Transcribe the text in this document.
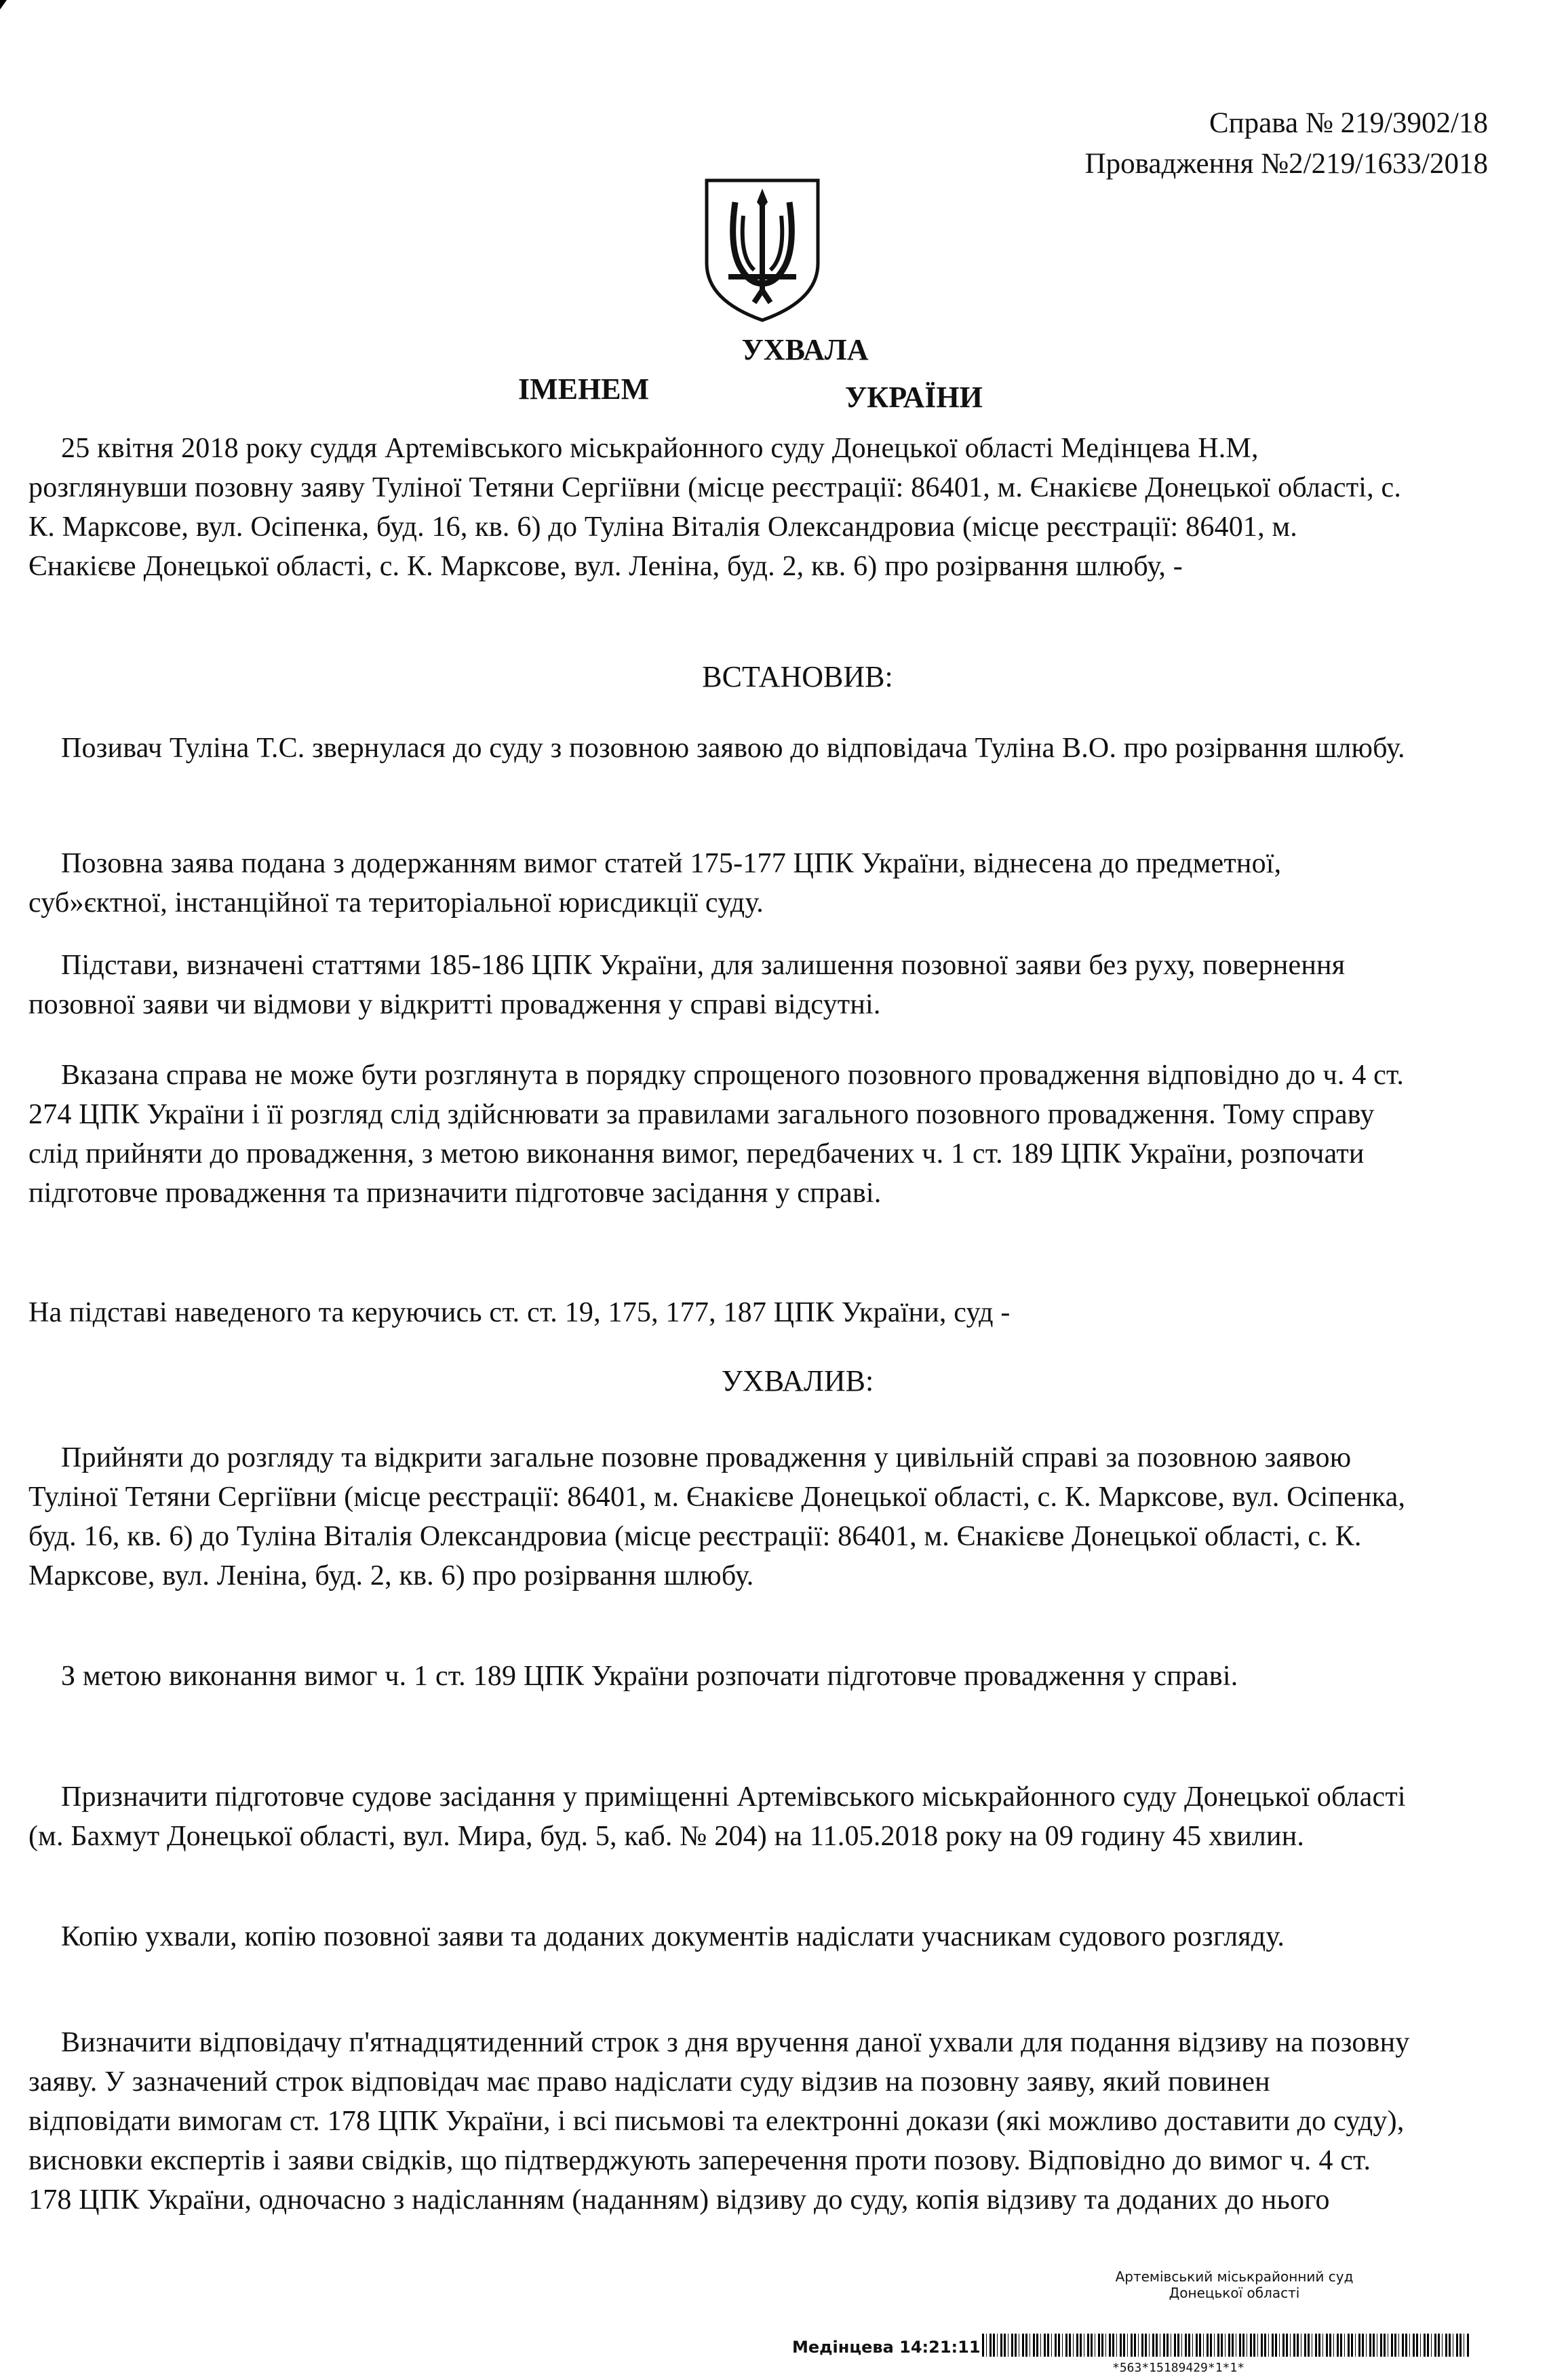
Справа № 219/3902/18
Провадження №2/219/1633/2018
УХВАЛА
ІМЕНЕМ	УКРАЇНИ
25 квітня 2018 року суддя Артемівського міськрайонного суду Донецької області Медінцева Н.М, розглянувши позовну заяву Туліної Тетяни Сергіївни (місце реєстрації: 86401, м. Єнакієве Донецької області, с. К. Марксове, вул. Осіпенка, буд. 16, кв. 6) до Туліна Віталія Олександровиа (місце реєстрації: 86401, м. Єнакієве Донецької області, с. К. Марксове, вул. Леніна, буд. 2, кв. 6) про розірвання шлюбу, -
ВСТАНОВИВ:
Позивач Туліна Т.С. звернулася до суду з позовною заявою до відповідача Туліна В.О. про розірвання шлюбу.
Позовна заява подана з додержанням вимог статей 175-177 ЦПК України, віднесена до предметної, суб»єктної, інстанційної та територіальної юрисдикції суду.
Підстави, визначені статтями 185-186 ЦПК України, для залишення позовної заяви без руху, повернення позовної заяви чи відмови у відкритті провадження у справі відсутні.
Вказана справа не може бути розглянута в порядку спрощеного позовного провадження відповідно до ч. 4 ст. 274 ЦПК України і її розгляд слід здійснювати за правилами загального позовного провадження. Тому справу слід прийняти до провадження, з метою виконання вимог, передбачених ч. 1 ст. 189 ЦПК України, розпочати підготовче провадження та призначити підготовче засідання у справі.
На підставі наведеного та керуючись ст. ст. 19, 175, 177, 187 ЦПК України, суд -
УХВАЛИВ:
Прийняти до розгляду та відкрити загальне позовне провадження у цивільній справі за позовною заявою Туліної Тетяни Сергіївни (місце реєстрації: 86401, м. Єнакієве Донецької області, с. К. Марксове, вул. Осіпенка, буд. 16, кв. 6) до Туліна Віталія Олександровиа (місце реєстрації: 86401, м. Єнакієве Донецької області, с. К. Марксове, вул. Леніна, буд. 2, кв. 6) про розірвання шлюбу.
З метою виконання вимог ч. 1 ст. 189 ЦПК України розпочати підготовче провадження у справі.
Призначити підготовче судове засідання у приміщенні Артемівського міськрайонного суду Донецької області (м. Бахмут Донецької області, вул. Мира, буд. 5, каб. № 204) на 11.05.2018 року на 09 годину 45 хвилин.
Копію ухвали, копію позовної заяви та доданих документів надіслати учасникам судового розгляду.
Визначити відповідачу п'ятнадцятиденний строк з дня вручення даної ухвали для подання відзиву на позовну заяву. У зазначений строк відповідач має право надіслати суду відзив на позовну заяву, який повинен відповідати вимогам ст. 178 ЦПК України, і всі письмові та електронні докази (які можливо доставити до суду), висновки експертів і заяви свідків, що підтверджують заперечення проти позову. Відповідно до вимог ч. 4 ст. 178 ЦПК України, одночасно з надісланням (наданням) відзиву до суду, копія відзиву та доданих до нього
Артемівський міськрайонний суд
Донецької області
Медінцева 14:21:11
*563*15189429*1*1*
